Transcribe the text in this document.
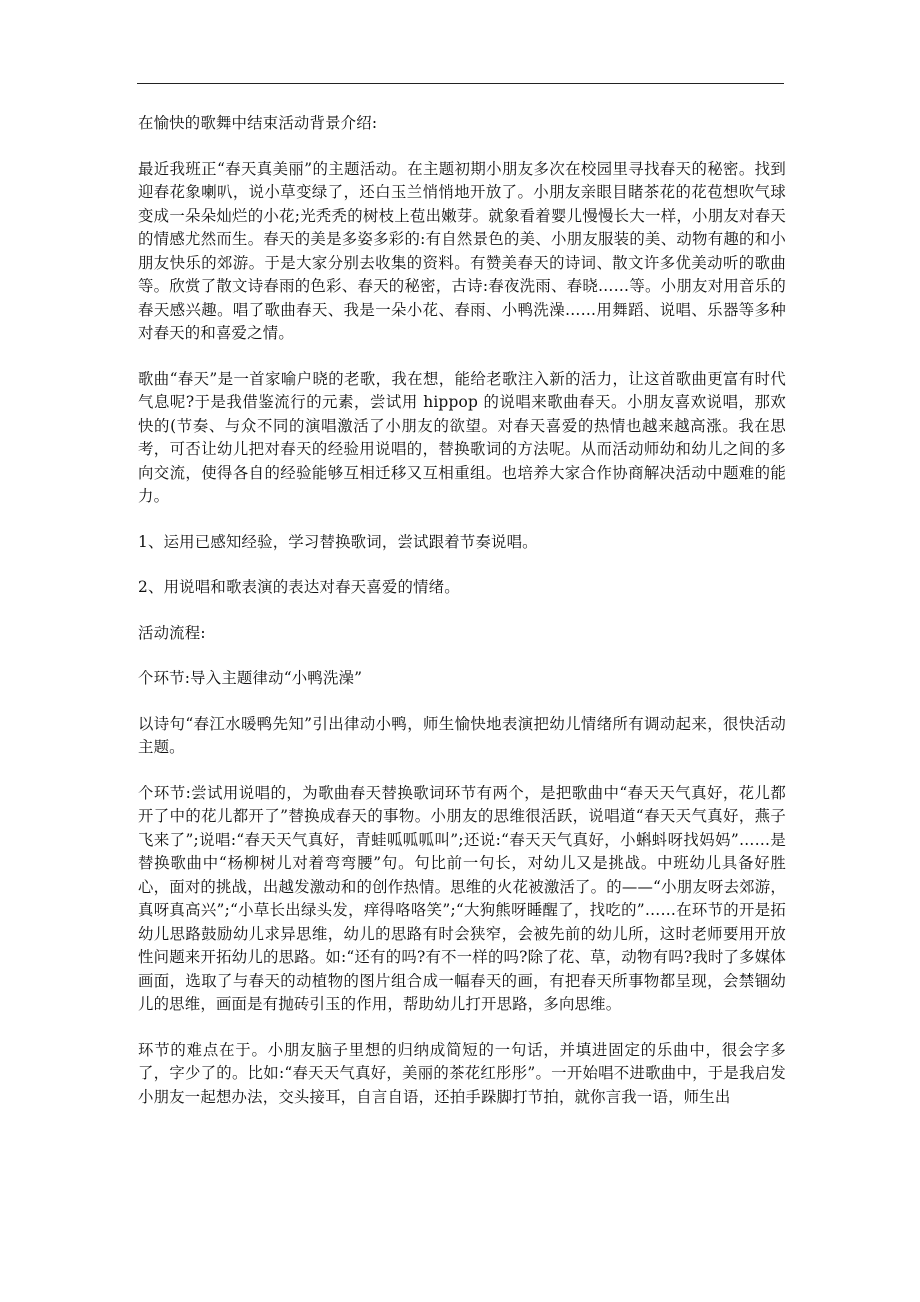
在愉快的歌舞中结束活动背景介绍:

最近我班正“春天真美丽”的主题活动。在主题初期小朋友多次在校园里寻找春天的秘密。找到迎春花象喇叭，说小草变绿了，还白玉兰悄悄地开放了。小朋友亲眼目睹茶花的花苞想吹气球变成一朵朵灿烂的小花;光秃秃的树枝上苞出嫩芽。就象看着婴儿慢慢长大一样，小朋友对春天的情感尤然而生。春天的美是多姿多彩的:有自然景色的美、小朋友服装的美、动物有趣的和小朋友快乐的郊游。于是大家分别去收集的资料。有赞美春天的诗词、散文许多优美动听的歌曲等。欣赏了散文诗春雨的色彩、春天的秘密，古诗:春夜洗雨、春晓……等。小朋友对用音乐的春天感兴趣。唱了歌曲春天、我是一朵小花、春雨、小鸭洗澡……用舞蹈、说唱、乐器等多种对春天的和喜爱之情。

歌曲“春天”是一首家喻户晓的老歌，我在想，能给老歌注入新的活力，让这首歌曲更富有时代气息呢?于是我借鉴流行的元素，尝试用 hippop 的说唱来歌曲春天。小朋友喜欢说唱，那欢快的(节奏、与众不同的演唱激活了小朋友的欲望。对春天喜爱的热情也越来越高涨。我在思考，可否让幼儿把对春天的经验用说唱的，替换歌词的方法呢。从而活动师幼和幼儿之间的多向交流，使得各自的经验能够互相迁移又互相重组。也培养大家合作协商解决活动中题难的能力。

1、运用已感知经验，学习替换歌词，尝试跟着节奏说唱。

2、用说唱和歌表演的表达对春天喜爱的情绪。

活动流程:

个环节:导入主题律动“小鸭洗澡”

以诗句“春江水暖鸭先知”引出律动小鸭，师生愉快地表演把幼儿情绪所有调动起来，很快活动主题。

个环节:尝试用说唱的，为歌曲春天替换歌词环节有两个，是把歌曲中“春天天气真好，花儿都开了中的花儿都开了”替换成春天的事物。小朋友的思维很活跃，说唱道“春天天气真好，燕子飞来了”;说唱:“春天天气真好，青蛙呱呱呱叫”;还说:“春天天气真好，小蝌蚪呀找妈妈”……是替换歌曲中“杨柳树儿对着弯弯腰”句。句比前一句长，对幼儿又是挑战。中班幼儿具备好胜心，面对的挑战，出越发激动和的创作热情。思维的火花被激活了。的——“小朋友呀去郊游，真呀真高兴”;“小草长出绿头发，痒得咯咯笑”;“大狗熊呀睡醒了，找吃的”……在环节的开是拓幼儿思路鼓励幼儿求异思维，幼儿的思路有时会狭窄，会被先前的幼儿所，这时老师要用开放性问题来开拓幼儿的思路。如:“还有的吗?有不一样的吗?除了花、草，动物有吗?我时了多媒体画面，选取了与春天的动植物的图片组合成一幅春天的画，有把春天所事物都呈现，会禁锢幼儿的思维，画面是有抛砖引玉的作用，帮助幼儿打开思路，多向思维。

环节的难点在于。小朋友脑子里想的归纳成简短的一句话，并填进固定的乐曲中，很会字多了，字少了的。比如:“春天天气真好，美丽的茶花红彤彤”。一开始唱不进歌曲中，于是我启发小朋友一起想办法，交头接耳，自言自语，还拍手跺脚打节拍，就你言我一语，师生出
